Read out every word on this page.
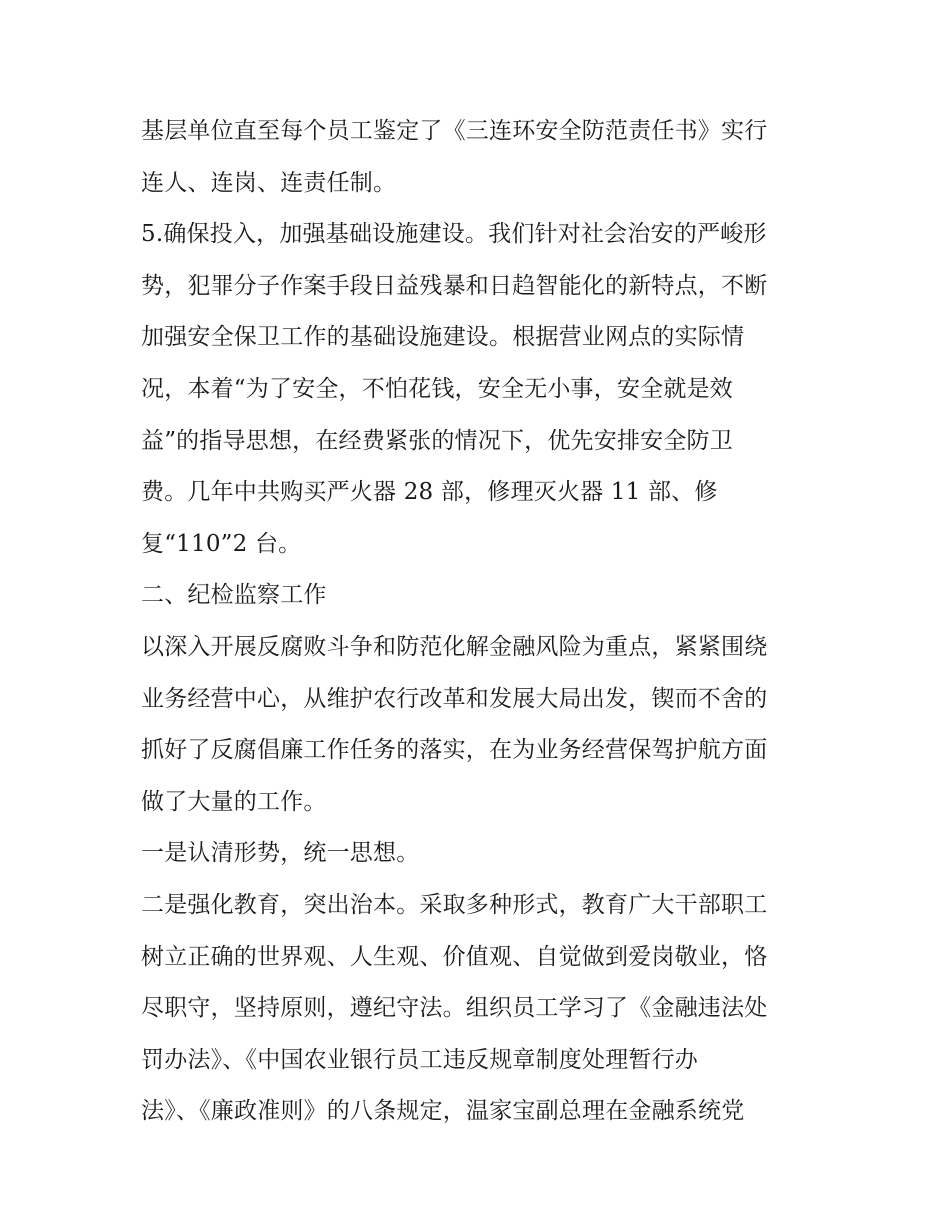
基层单位直至每个员工鉴定了《三连环安全防范责任书》实行
连人、连岗、连责任制。
5.确保投入，加强基础设施建设。我们针对社会治安的严峻形
势，犯罪分子作案手段日益残暴和日趋智能化的新特点，不断
加强安全保卫工作的基础设施建设。根据营业网点的实际情
况，本着“为了安全，不怕花钱，安全无小事，安全就是效
益”的指导思想，在经费紧张的情况下，优先安排安全防卫
费。几年中共购买严火器 28 部，修理灭火器 11 部、修
复“110”2 台。
二、纪检监察工作
以深入开展反腐败斗争和防范化解金融风险为重点，紧紧围绕
业务经营中心，从维护农行改革和发展大局出发，锲而不舍的
抓好了反腐倡廉工作任务的落实，在为业务经营保驾护航方面
做了大量的工作。
一是认清形势，统一思想。
二是强化教育，突出治本。采取多种形式，教育广大干部职工
树立正确的世界观、人生观、价值观、自觉做到爱岗敬业，恪
尽职守，坚持原则，遵纪守法。组织员工学习了《金融违法处
罚办法》、《中国农业银行员工违反规章制度处理暂行办
法》、《廉政准则》的八条规定，温家宝副总理在金融系统党
